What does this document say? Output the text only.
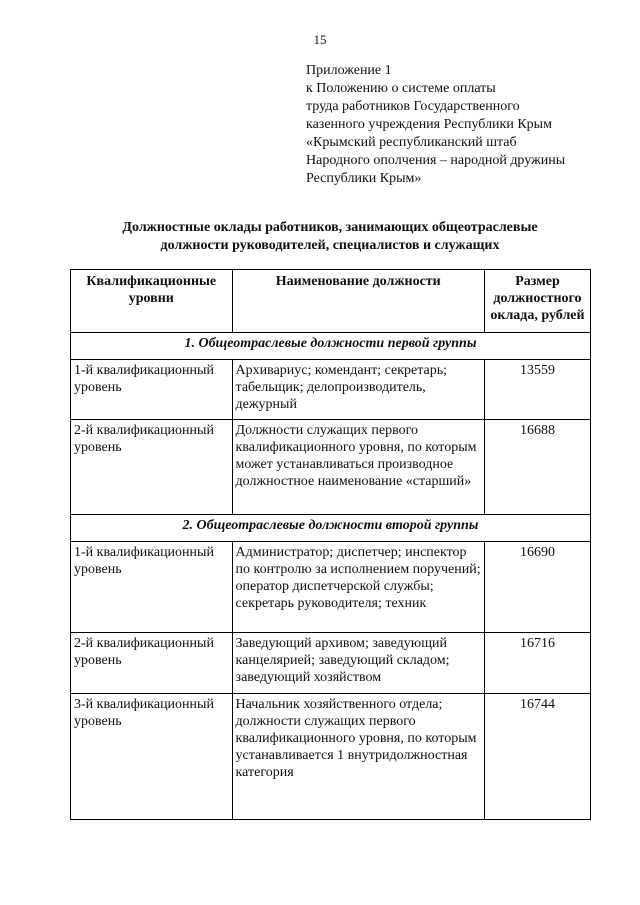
15
Приложение 1
к Положению о системе оплаты
труда работников Государственного
казенного учреждения Республики Крым
«Крымский республиканский штаб
Народного ополчения – народной дружины
Республики Крым»
Должностные оклады работников, занимающих общеотраслевые
должности руководителей, специалистов и служащих
Квалификационные уровни	Наименование должности	Размер должностного оклада, рублей
1. Общеотраслевые должности первой группы		
1-й квалификационный уровень	Архивариус; комендант; секретарь; табельщик; делопроизводитель, дежурный	13559
2-й квалификационный уровень	Должности служащих первого квалификационного уровня, по которым может устанавливаться производное должностное наименование «старший»	16688
2. Общеотраслевые должности второй группы		
1-й квалификационный уровень	Администратор; диспетчер; инспектор по контролю за исполнением поручений; оператор диспетчерской службы; секретарь руководителя; техник	16690
2-й квалификационный уровень	Заведующий архивом; заведующий канцелярией; заведующий складом; заведующий хозяйством	16716
3-й квалификационный уровень	Начальник хозяйственного отдела; должности служащих первого квалификационного уровня, по которым устанавливается 1 внутридолжностная категория	16744
